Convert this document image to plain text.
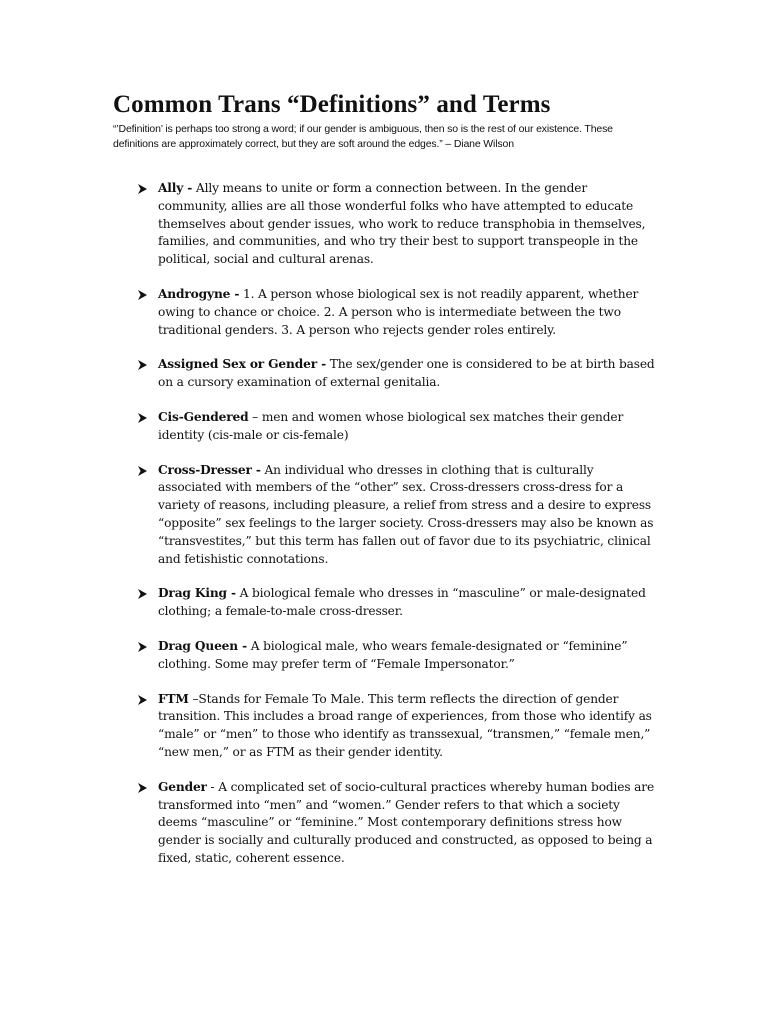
Common Trans “Definitions” and Terms

“’Definition’ is perhaps too strong a word; if our gender is ambiguous, then so is the rest of our existence. These definitions are approximately correct, but they are soft around the edges.” – Diane Wilson

Ally - Ally means to unite or form a connection between. In the gender community, allies are all those wonderful folks who have attempted to educate themselves about gender issues, who work to reduce transphobia in themselves, families, and communities, and who try their best to support transpeople in the political, social and cultural arenas.
Androgyne - 1. A person whose biological sex is not readily apparent, whether owing to chance or choice. 2. A person who is intermediate between the two traditional genders. 3. A person who rejects gender roles entirely.
Assigned Sex or Gender - The sex/gender one is considered to be at birth based on a cursory examination of external genitalia.
Cis-Gendered – men and women whose biological sex matches their gender identity (cis-male or cis-female)
Cross-Dresser - An individual who dresses in clothing that is culturally associated with members of the “other” sex. Cross-dressers cross-dress for a variety of reasons, including pleasure, a relief from stress and a desire to express “opposite” sex feelings to the larger society. Cross-dressers may also be known as “transvestites,” but this term has fallen out of favor due to its psychiatric, clinical and fetishistic connotations.
Drag King - A biological female who dresses in “masculine” or male-designated clothing; a female-to-male cross-dresser.
Drag Queen - A biological male, who wears female-designated or “feminine” clothing. Some may prefer term of “Female Impersonator.”
FTM –Stands for Female To Male. This term reflects the direction of gender transition. This includes a broad range of experiences, from those who identify as “male” or “men” to those who identify as transsexual, “transmen,” “female men,” “new men,” or as FTM as their gender identity.
Gender - A complicated set of socio-cultural practices whereby human bodies are transformed into “men” and “women.” Gender refers to that which a society deems “masculine” or “feminine.” Most contemporary definitions stress how gender is socially and culturally produced and constructed, as opposed to being a fixed, static, coherent essence.
